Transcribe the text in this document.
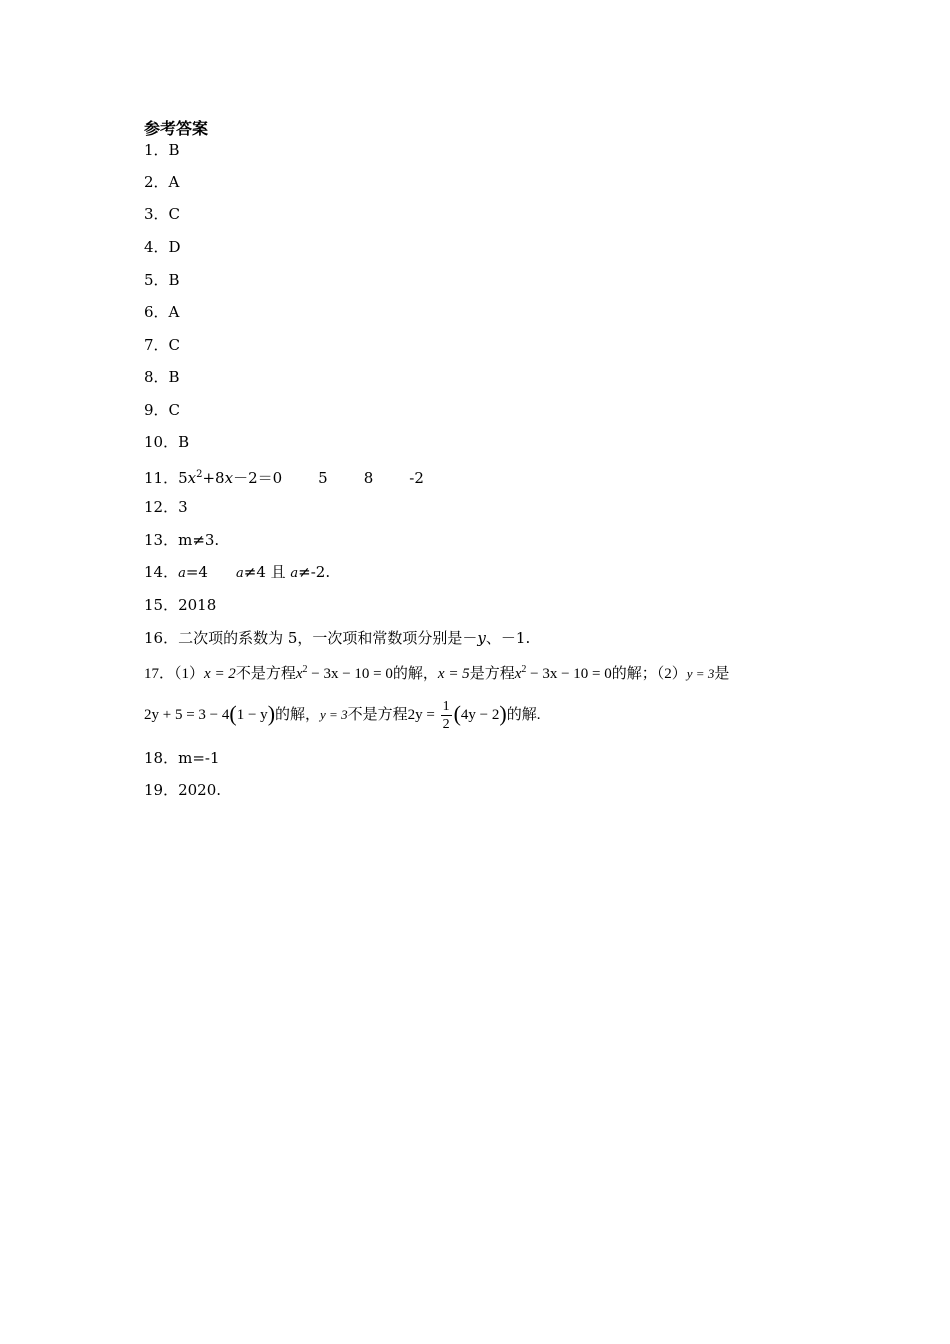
参考答案
1．B
2．A
3．C
4．D
5．B
6．A
7．C
8．B
9．C
10．B
11．$5x^2+8x-2=0$ 5 8 -2
12．3
13．m≠3.
14．a=4 a≠4 且 a≠-2.
15．2018
16．二次项的系数为 5，一次项和常数项分别是－y、－1.
17．（1）x = 2不是方程$x^2 - 3x - 10 = 0$的解，x = 5是方程$x^2 - 3x - 10 = 0$的解；（2）y = 3是
2y + 5 = 3 − 4(1 − y)的解，y = 3不是方程$2y = \frac{1}{2} (4y - 2)$的解.
18．m=-1
19．2020.
